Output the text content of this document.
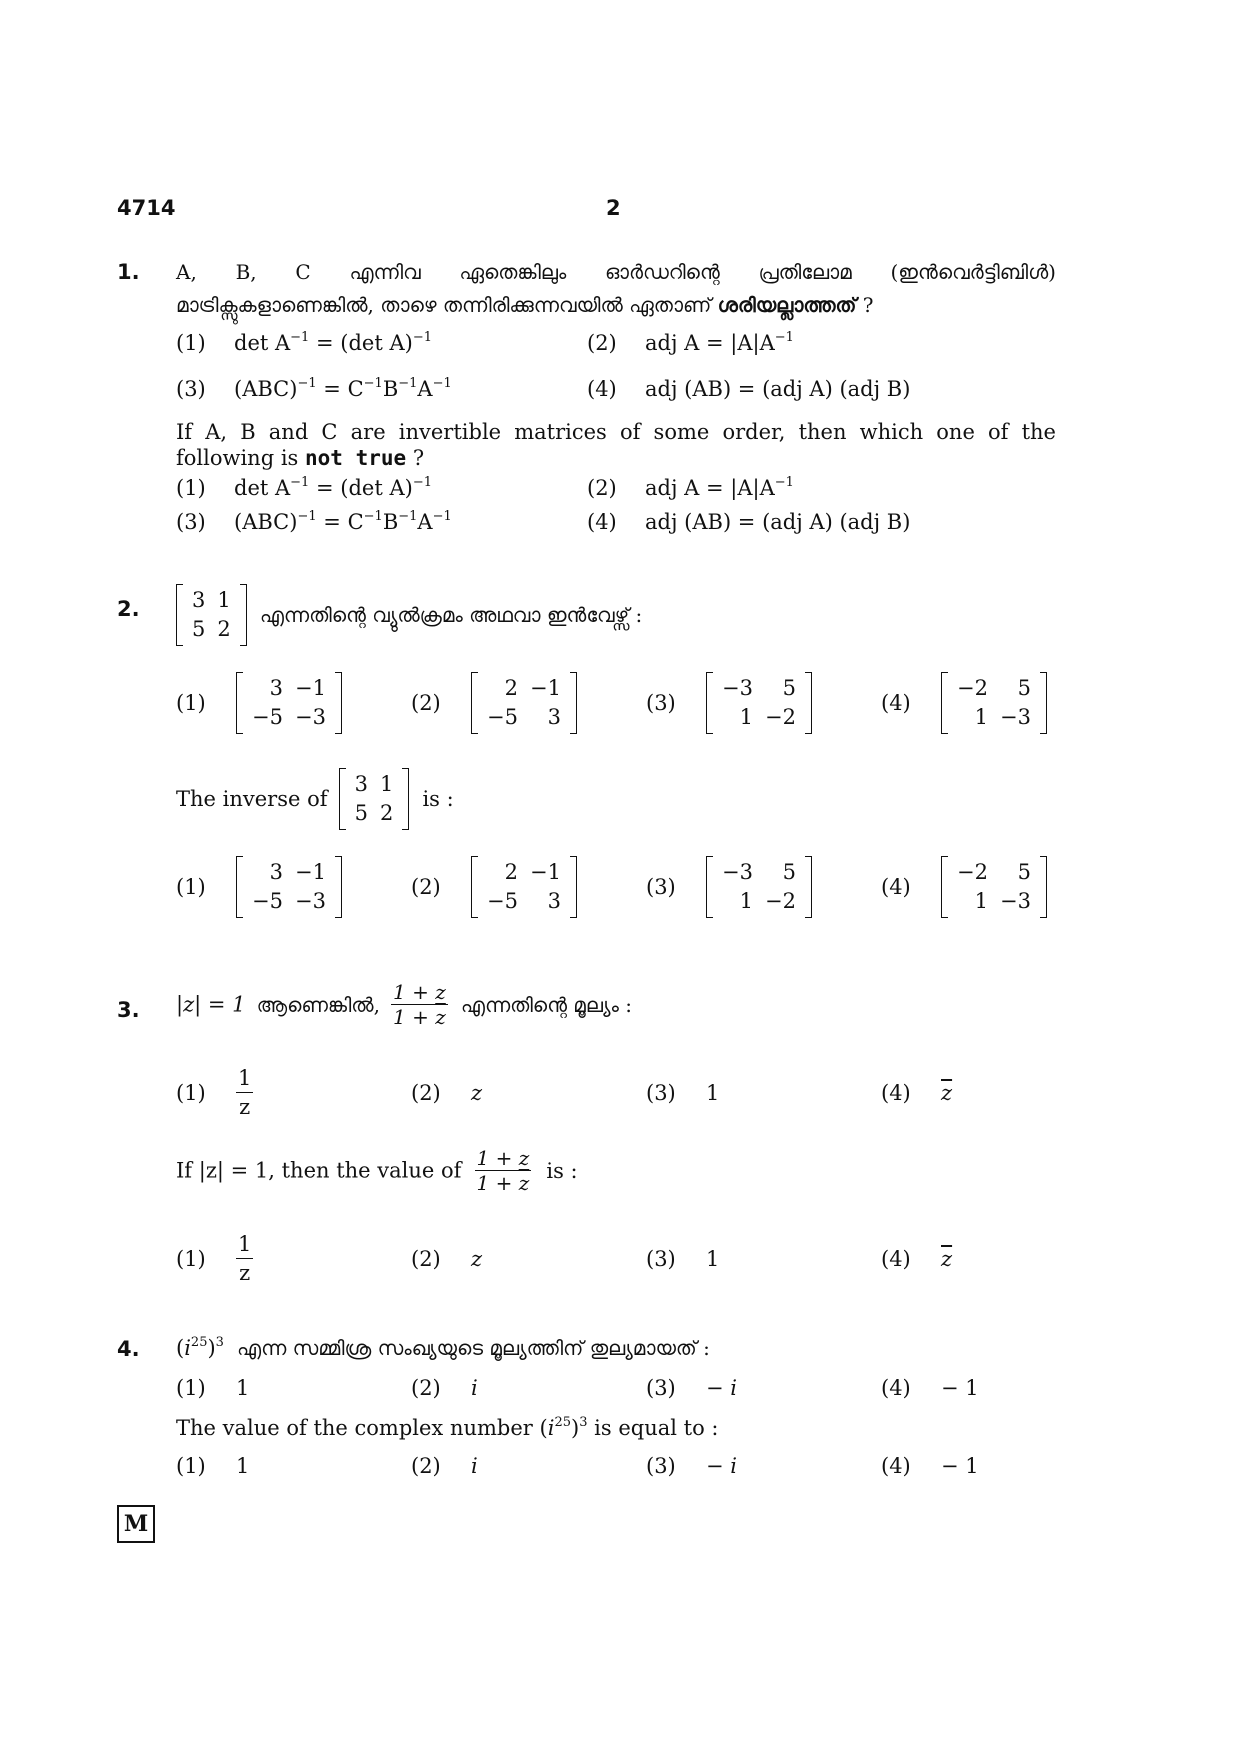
4714	2
1. A, B, C എന്നിവ ഏതെങ്കിലും ഓർഡറിന്റെ പ്രതിലോമ (ഇൻവെർട്ടിബിൾ)
മാട്രിക്സുകളാണെങ്കിൽ, താഴെ തന്നിരിക്കുന്നവയിൽ ഏതാണ് ശരിയല്ലാത്തത് ?
(1) $\det A^{-1} = (\det$ A)$^{-1}$	(2) adj $A = |A|A^{-1}$
(3) $(ABC)^{-1} = C^{-1}B^{-1}A^{-1}$	(4) adj (AB) = (adj A) (adj B)
If A, B and C are invertible matrices of some order, then which one of the
following is not true ?
(1) $\det A^{-1} = (\det$ A)$^{-1}$	(2) adj $A = |A|A^{-1}$
(3) $(ABC)^{-1} = C^{-1}B^{-1}A^{-1}$	(4) adj (AB) = (adj A) (adj B)
2. 3	1
5	2
എന്നതിന്റെ വ്യുൽക്രമം അഥവാ ഇൻവേഴ്സ് :
(1)
3	−1
−5	−3
(2)
2	−1
−5	3
(3)
−3	5
1	−2
(4)
−2	5
1	−3
The inverse of
3	1
5	2
is :
(1)
3	−1
−5	−3
(2)
2	−1
−5	3
(3)
−3	5
1	−2
(4)
−2	5
1	−3
3. |z| = 1 ആണെങ്കിൽ, $\frac{1 + z}{1 + \overline{z}}$ എന്നതിന്റെ മൂല്യം :
$(1) \frac{1}{z}$	(2) z	(3) 1	(4) $\overline{z}$
If |z| = 1, then the value of $\frac{1 + z}{1 + \overline{z}}$ is :
$(1) \frac{1}{z}$	(2) z	(3) 1	(4) $\overline{z}$
4. $(i^{25})^3$ എന്ന സമ്മിശ്ര സംഖ്യയുടെ മൂല്യത്തിന് തുല്യമായത് :
(1) 1	(2) i	(3) − i	(4) − 1
The value of the complex number $(i^{25})^3$ is equal to :
(1) 1	(2) i	(3) − i	(4) − 1
M
